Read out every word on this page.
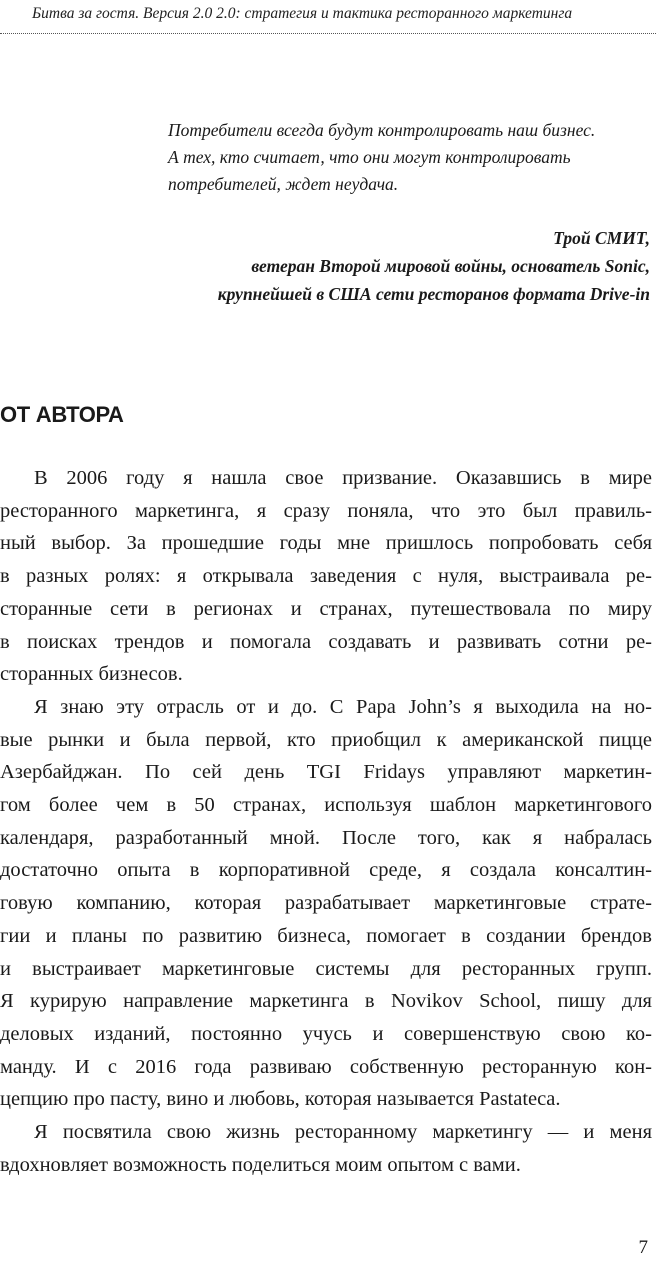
Битва за гостя. Версия 2.0 2.0: стратегия и тактика ресторанного маркетинга
Потребители всегда будут контролировать наш бизнес.
А тех, кто считает, что они могут контролировать
потребителей, ждет неудача.
Трой СМИТ,
ветеран Второй мировой войны, основатель Sonic,
крупнейшей в США сети ресторанов формата Drive-in
ОТ АВТОРА
В 2006 году я нашла свое призвание. Оказавшись в мире
ресторанного маркетинга, я сразу поняла, что это был правиль-
ный выбор. За прошедшие годы мне пришлось попробовать себя
в разных ролях: я открывала заведения с нуля, выстраивала ре-
сторанные сети в регионах и странах, путешествовала по миру
в поисках трендов и помогала создавать и развивать сотни ре-
сторанных бизнесов.
Я знаю эту отрасль от и до. С Papa John’s я выходила на но-
вые рынки и была первой, кто приобщил к американской пицце
Азербайджан. По сей день TGI Fridays управляют маркетин-
гом более чем в 50 странах, используя шаблон маркетингового
календаря, разработанный мной. После того, как я набралась
достаточно опыта в корпоративной среде, я создала консалтин-
говую компанию, которая разрабатывает маркетинговые страте-
гии и планы по развитию бизнеса, помогает в создании брендов
и выстраивает маркетинговые системы для ресторанных групп.
Я курирую направление маркетинга в Novikov School, пишу для
деловых изданий, постоянно учусь и совершенствую свою ко-
манду. И с 2016 года развиваю собственную ресторанную кон-
цепцию про пасту, вино и любовь, которая называется Pastateca.
Я посвятила свою жизнь ресторанному маркетингу — и меня
вдохновляет возможность поделиться моим опытом с вами.
7
